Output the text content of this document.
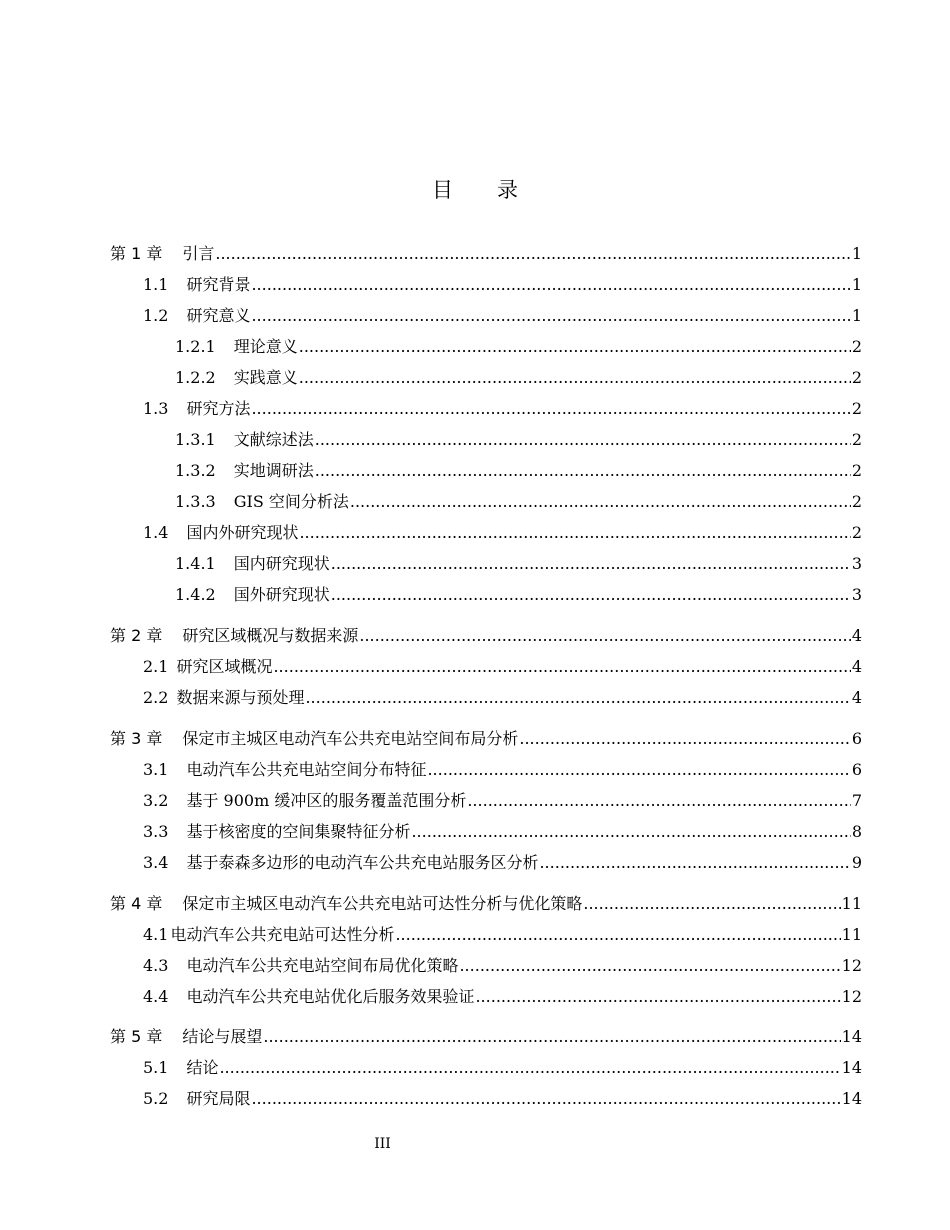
目 录
第 1 章 引言 .....	1
1.1 研究背景 .....	1
1.2 研究意义 .....	1
1.2.1 理论意义 .....	2
1.2.2 实践意义 .....	2
1.3 研究方法 .....	2
1.3.1 文献综述法 .....	2
1.3.2 实地调研法 .....	2
1.3.3 GIS 空间分析法 .....	2
1.4 国内外研究现状 .....	2
1.4.1 国内研究现状 .....	3
1.4.2 国外研究现状 .....	3
第 2 章 研究区域概况与数据来源 .....	4
2.1 研究区域概况 .....	4
2.2 数据来源与预处理 .....	4
第 3 章 保定市主城区电动汽车公共充电站空间布局分析 .....	6
3.1 电动汽车公共充电站空间分布特征 .....	6
3.2 基于 900m 缓冲区的服务覆盖范围分析 .....	7
3.3 基于核密度的空间集聚特征分析 .....	8
3.4 基于泰森多边形的电动汽车公共充电站服务区分析 .....	9
第 4 章 保定市主城区电动汽车公共充电站可达性分析与优化策略 .....	11
4.1 电动汽车公共充电站可达性分析 .....	11
4.3 电动汽车公共充电站空间布局优化策略 .....	12
4.4 电动汽车公共充电站优化后服务效果验证 .....	12
第 5 章 结论与展望 .....	14
5.1 结论 .....	14
5.2 研究局限 .....	14
III
